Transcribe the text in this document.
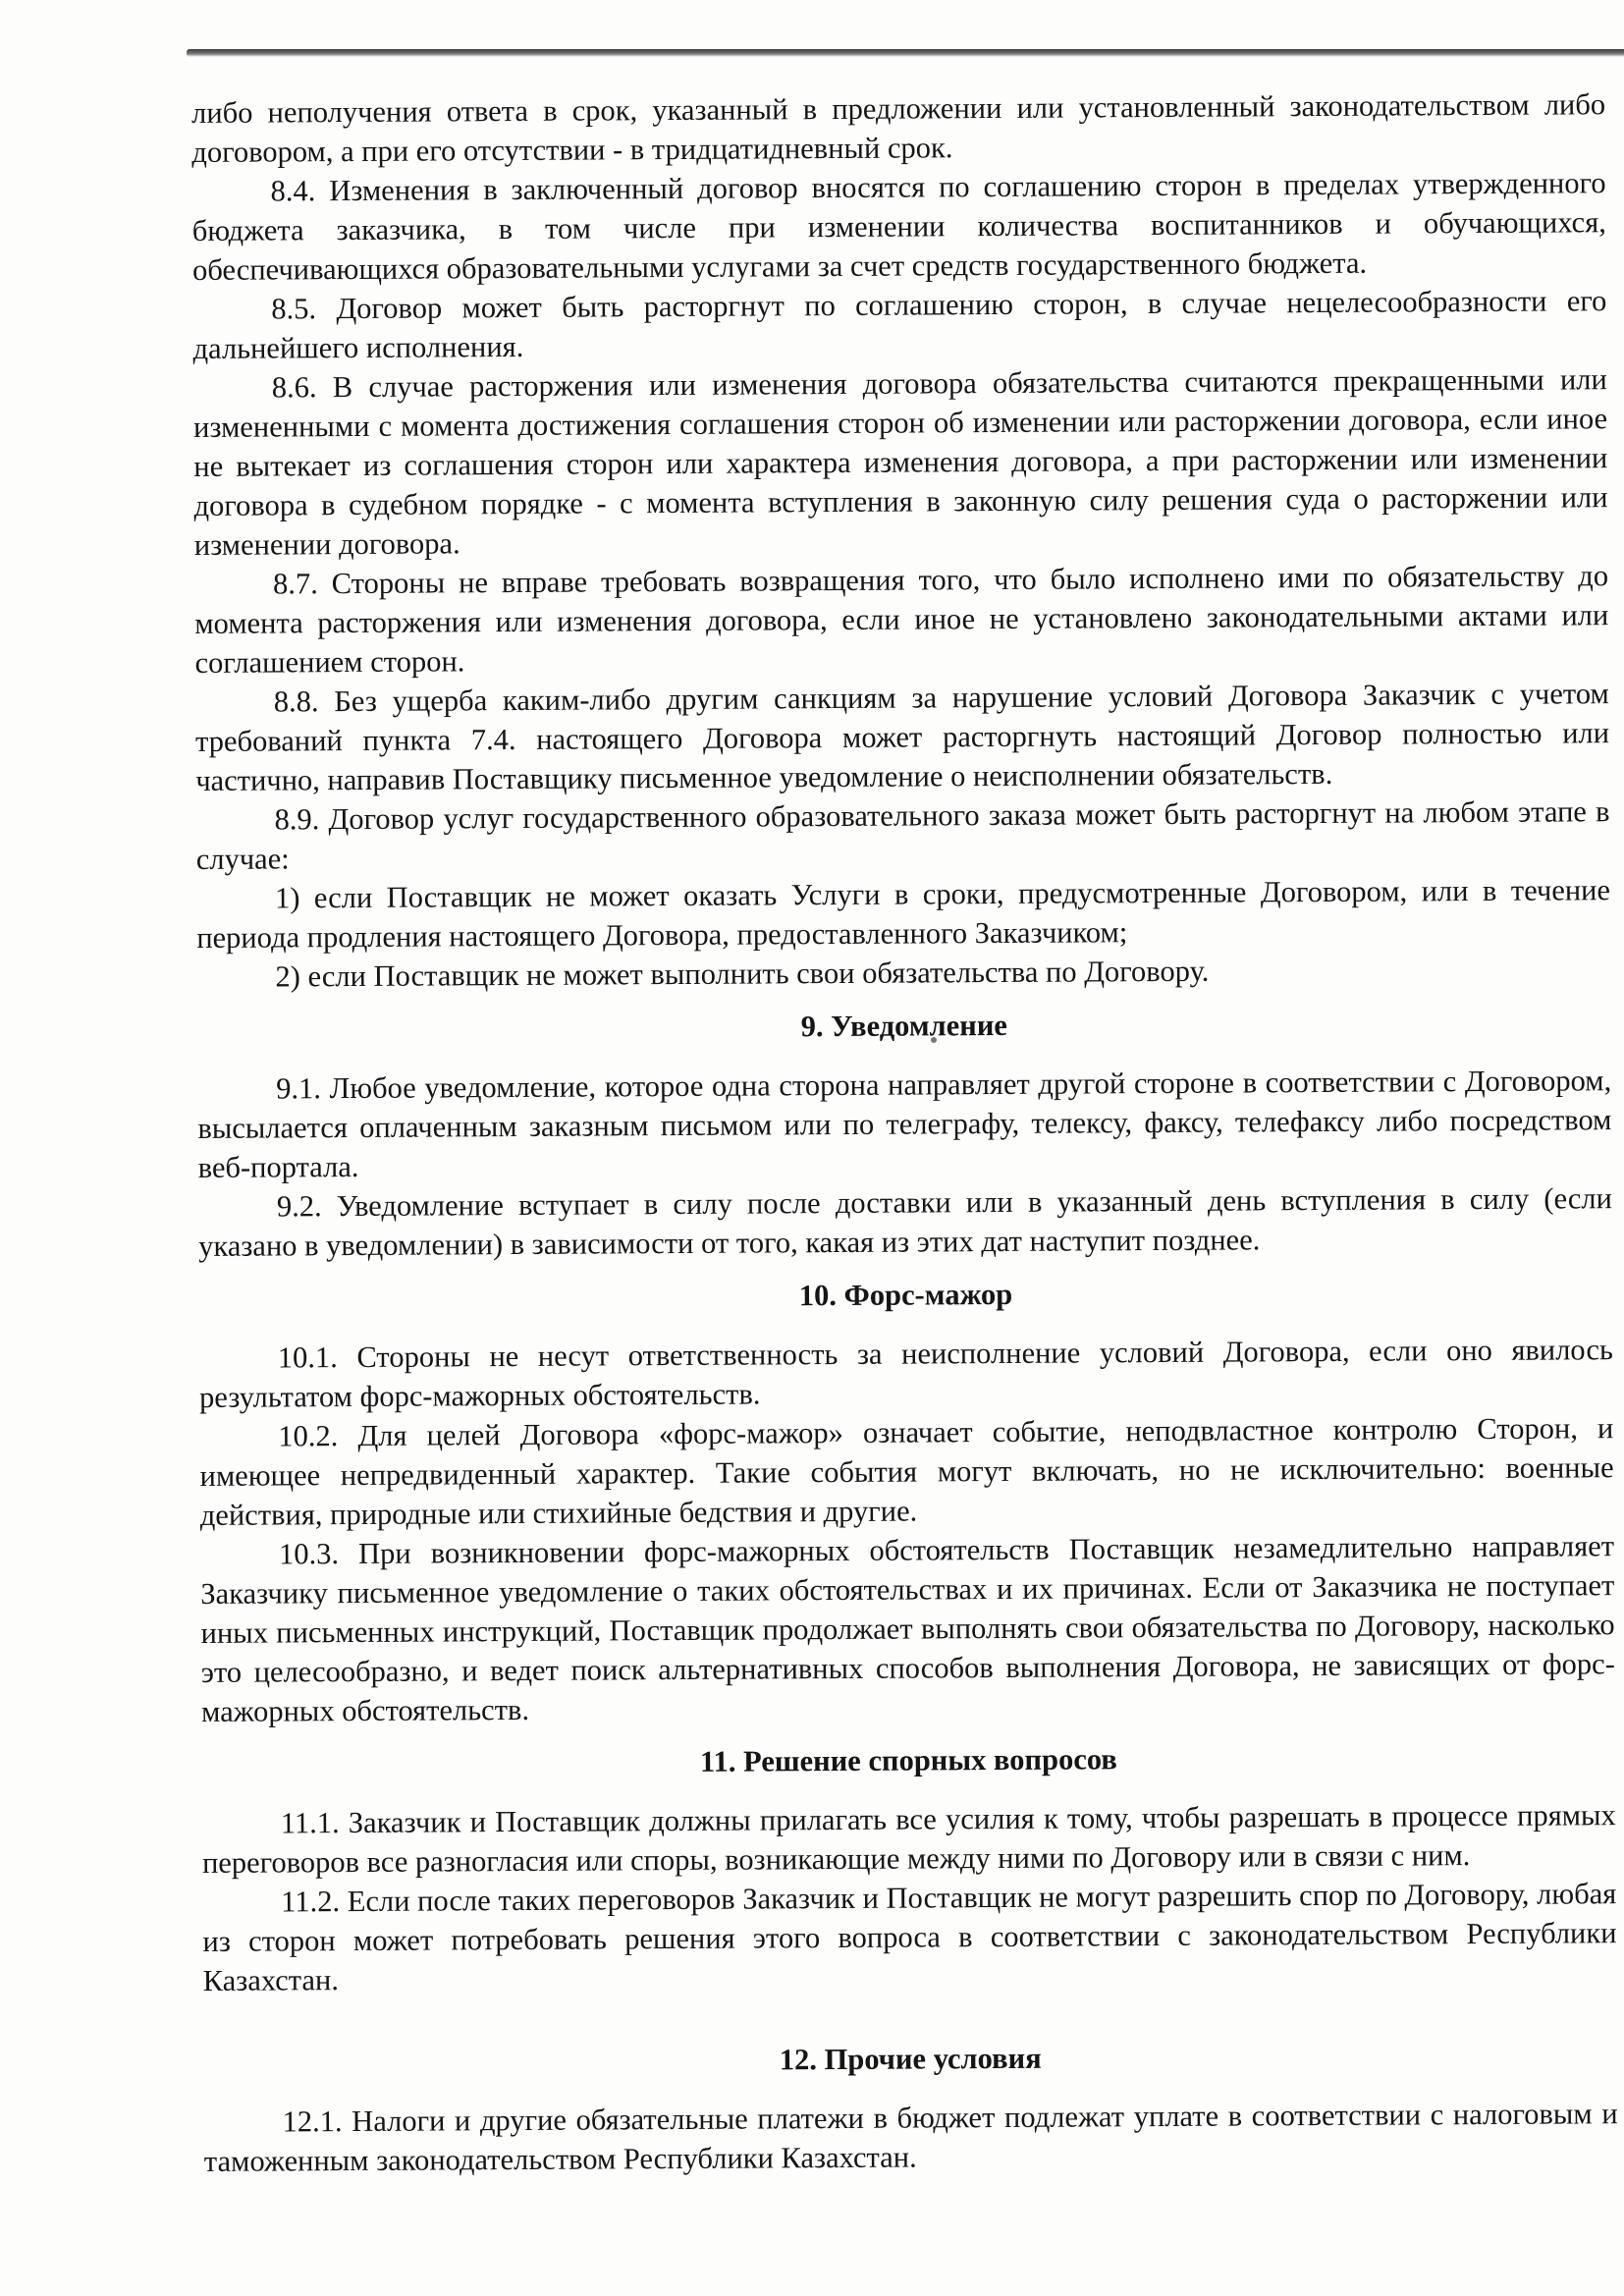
либо неполучения ответа в срок, указанный в предложении или установленный законодательством либо договором, а при его отсутствии - в тридцатидневный срок.

8.4. Изменения в заключенный договор вносятся по соглашению сторон в пределах утвержденного бюджета заказчика, в том числе при изменении количества воспитанников и обучающихся, обеспечивающихся образовательными услугами за счет средств государственного бюджета.

8.5. Договор может быть расторгнут по соглашению сторон, в случае нецелесообразности его дальнейшего исполнения.

8.6. В случае расторжения или изменения договора обязательства считаются прекращенными или измененными с момента достижения соглашения сторон об изменении или расторжении договора, если иное не вытекает из соглашения сторон или характера изменения договора, а при расторжении или изменении договора в судебном порядке - с момента вступления в законную силу решения суда о расторжении или изменении договора.

8.7. Стороны не вправе требовать возвращения того, что было исполнено ими по обязательству до момента расторжения или изменения договора, если иное не установлено законодательными актами или соглашением сторон.

8.8. Без ущерба каким-либо другим санкциям за нарушение условий Договора Заказчик с учетом требований пункта 7.4. настоящего Договора может расторгнуть настоящий Договор полностью или частично, направив Поставщику письменное уведомление о неисполнении обязательств.

8.9. Договор услуг государственного образовательного заказа может быть расторгнут на любом этапе в случае:

1) если Поставщик не может оказать Услуги в сроки, предусмотренные Договором, или в течение периода продления настоящего Договора, предоставленного Заказчиком;

2) если Поставщик не может выполнить свои обязательства по Договору.

9. Уведомление

9.1. Любое уведомление, которое одна сторона направляет другой стороне в соответствии с Договором, высылается оплаченным заказным письмом или по телеграфу, телексу, факсу, телефаксу либо посредством веб-портала.

9.2. Уведомление вступает в силу после доставки или в указанный день вступления в силу (если указано в уведомлении) в зависимости от того, какая из этих дат наступит позднее.

10. Форс-мажор

10.1. Стороны не несут ответственность за неисполнение условий Договора, если оно явилось результатом форс-мажорных обстоятельств.

10.2. Для целей Договора «форс-мажор» означает событие, неподвластное контролю Сторон, и имеющее непредвиденный характер. Такие события могут включать, но не исключительно: военные действия, природные или стихийные бедствия и другие.

10.3. При возникновении форс-мажорных обстоятельств Поставщик незамедлительно направляет Заказчику письменное уведомление о таких обстоятельствах и их причинах. Если от Заказчика не поступает иных письменных инструкций, Поставщик продолжает выполнять свои обязательства по Договору, насколько это целесообразно, и ведет поиск альтернативных способов выполнения Договора, не зависящих от форс-мажорных обстоятельств.

11. Решение спорных вопросов

11.1. Заказчик и Поставщик должны прилагать все усилия к тому, чтобы разрешать в процессе прямых переговоров все разногласия или споры, возникающие между ними по Договору или в связи с ним.

11.2. Если после таких переговоров Заказчик и Поставщик не могут разрешить спор по Договору, любая из сторон может потребовать решения этого вопроса в соответствии с законодательством Республики Казахстан.

12. Прочие условия

12.1. Налоги и другие обязательные платежи в бюджет подлежат уплате в соответствии с налоговым и таможенным законодательством Республики Казахстан.
